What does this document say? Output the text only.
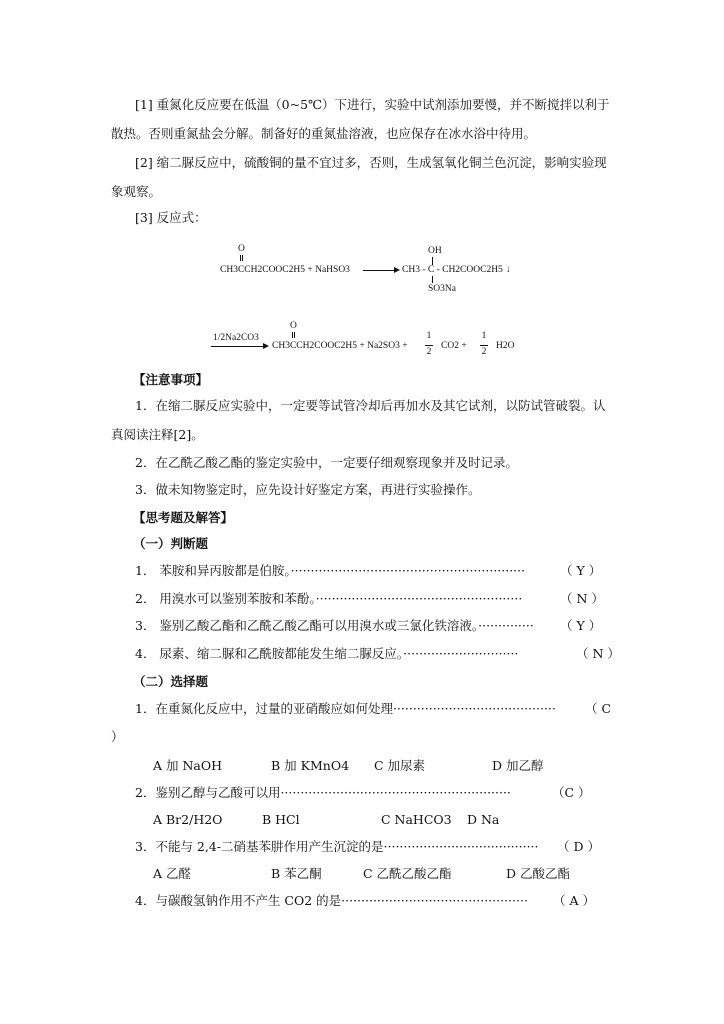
[1] 重氮化反应要在低温（0~5℃）下进行，实验中试剂添加要慢，并不断搅拌以利于
散热。否则重氮盐会分解。制备好的重氮盐溶液，也应保存在冰水浴中待用。
[2] 缩二脲反应中，硫酸铜的量不宜过多，否则，生成氢氧化铜兰色沉淀，影响实验现
象观察。
[3] 反应式：
O
CH3CCH2COOC2H5 + NaHSO3 →
OH
CH3 - C - CH2COOC2H5 ↓
SO3Na
O
1/2Na2CO3
→ CH3CCH2COOC2H5 + Na2SO3 +
1
2
CO2 +
1
2
H2O
【注意事项】
1．在缩二脲反应实验中，一定要等试管冷却后再加水及其它试剂，以防试管破裂。认
真阅读注释[2]。
2．在乙酰乙酸乙酯的鉴定实验中，一定要仔细观察现象并及时记录。
3．做未知物鉴定时，应先设计好鉴定方案，再进行实验操作。
【思考题及解答】
（一）判断题
1． 苯胺和异丙胺都是伯胺。···························································	（ Y ）
2． 用溴水可以鉴别苯胺和苯酚。····················································	（ N ）
3． 鉴别乙酸乙酯和乙酰乙酸乙酯可以用溴水或三氯化铁溶液。·············· （ Y ）
4． 尿素、缩二脲和乙酰胺都能发生缩二脲反应。·····························	（ N ）
（二）选择题
1．在重氮化反应中，过量的亚硝酸应如何处理········································· （ C
）
A 加 NaOH	B 加 KMnO4 C 加尿素	D 加乙醇
2．鉴别乙醇与乙酸可以用··························································	（C ）
A Br2/H2O	B HCl	C NaHCO3 D Na
3．不能与 2,4-二硝基苯肼作用产生沉淀的是······································· （ D ）
A 乙醛	B 苯乙酮	C 乙酰乙酸乙酯	D 乙酸乙酯
4．与碳酸氢钠作用不产生 CO2 的是··············································· （ A ）
